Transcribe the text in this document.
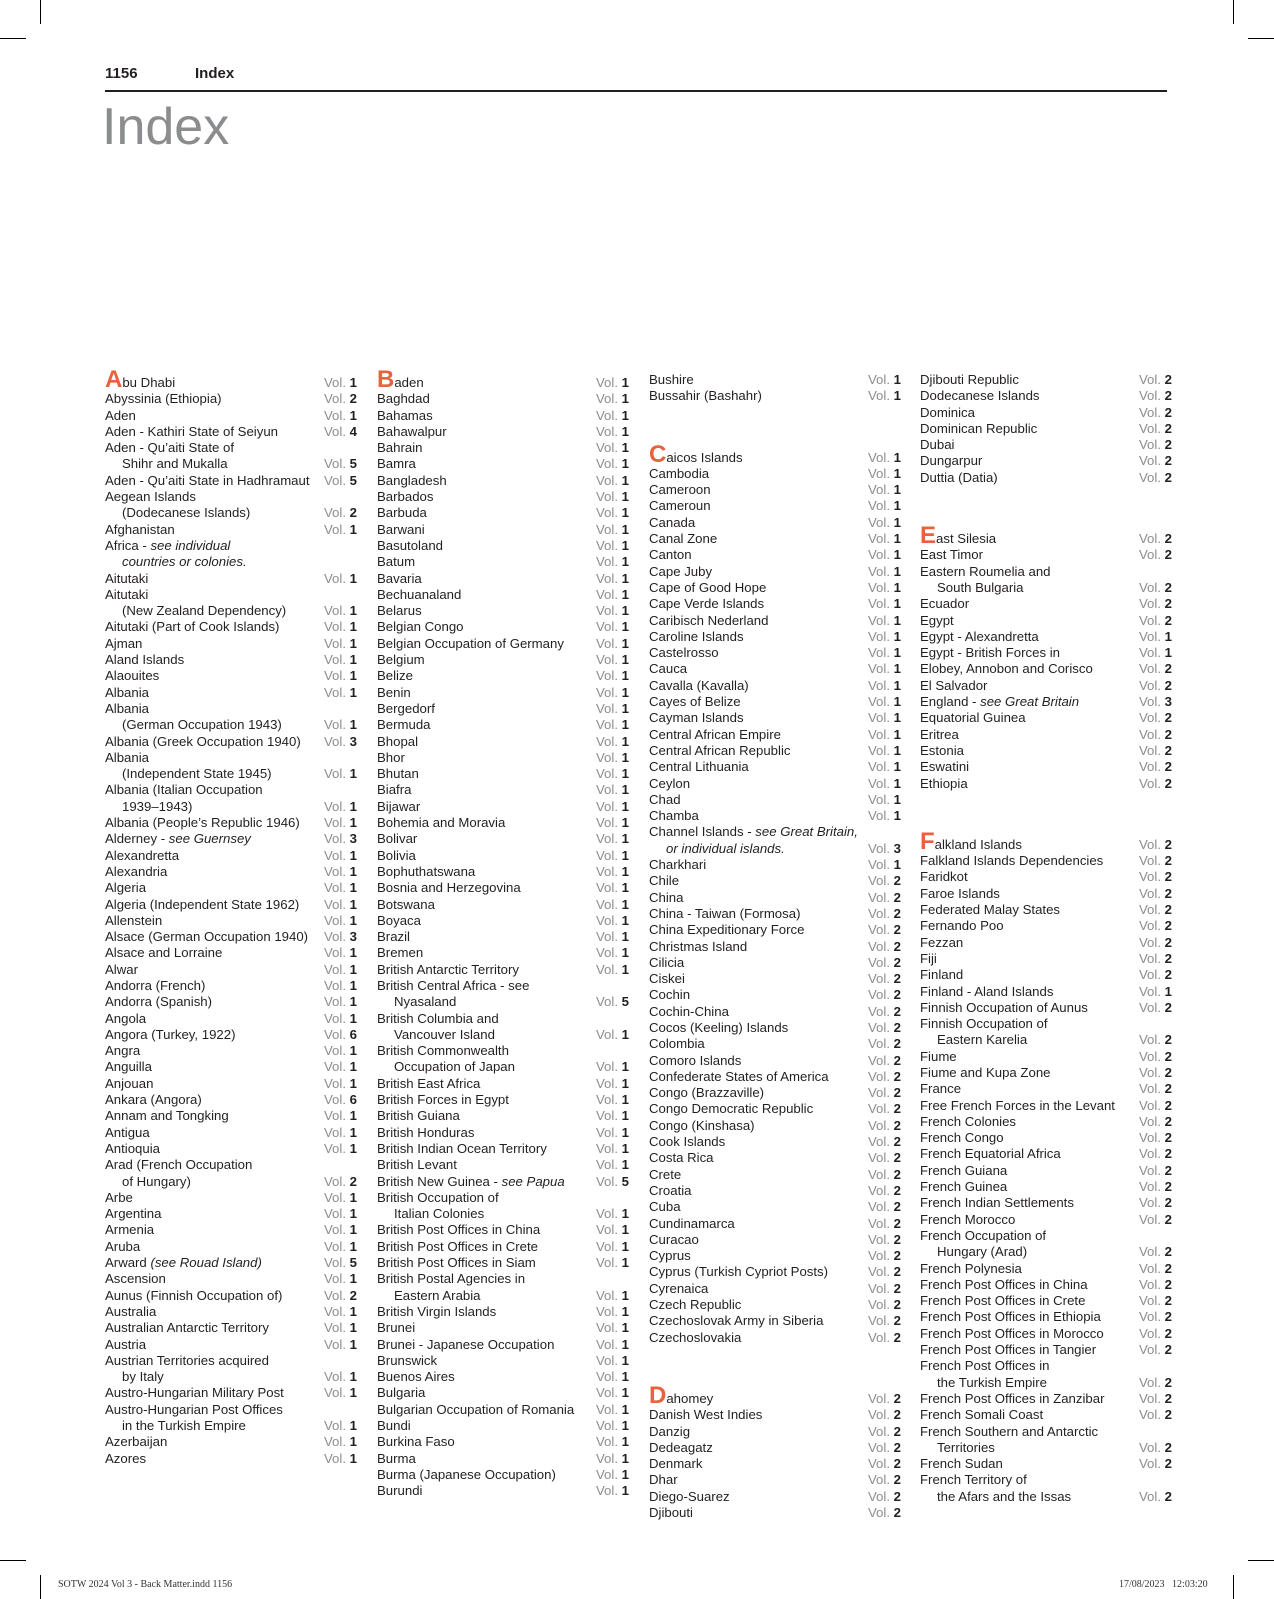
1156	Index
Index
Abu Dhabi	Vol. 1
Abyssinia (Ethiopia)	Vol. 2
Aden	Vol. 1
Aden - Kathiri State of Seiyun	Vol. 4
Aden - Qu’aiti State of
Shihr and Mukalla	Vol. 5
Aden - Qu’aiti State in Hadhramaut Vol. 5
Aegean Islands
(Dodecanese Islands)	Vol. 2
Afghanistan	Vol. 1
Africa - see individual
countries or colonies.
Aitutaki	Vol. 1
Aitutaki
(New Zealand Dependency)	Vol. 1
Aitutaki (Part of Cook Islands)	Vol. 1
Ajman	Vol. 1
Aland Islands	Vol. 1
Alaouites	Vol. 1
Albania	Vol. 1
Albania
(German Occupation 1943)	Vol. 1
Albania (Greek Occupation 1940) Vol. 3
Albania
(Independent State 1945)	Vol. 1
Albania (Italian Occupation
1939–1943)	Vol. 1
Albania (People’s Republic 1946) Vol. 1
Alderney - see Guernsey	Vol. 3
Alexandretta	Vol. 1
Alexandria	Vol. 1
Algeria	Vol. 1
Algeria (Independent State 1962) Vol. 1
Allenstein	Vol. 1
Alsace (German Occupation 1940) Vol. 3
Alsace and Lorraine	Vol. 1
Alwar	Vol. 1
Andorra (French)	Vol. 1
Andorra (Spanish)	Vol. 1
Angola	Vol. 1
Angora (Turkey, 1922)	Vol. 6
Angra	Vol. 1
Anguilla	Vol. 1
Anjouan	Vol. 1
Ankara (Angora)	Vol. 6
Annam and Tongking	Vol. 1
Antigua	Vol. 1
Antioquia	Vol. 1
Arad (French Occupation
of Hungary)	Vol. 2
Arbe	Vol. 1
Argentina	Vol. 1
Armenia	Vol. 1
Aruba	Vol. 1
Arward (see Rouad Island)	Vol. 5
Ascension	Vol. 1
Aunus (Finnish Occupation of)	Vol. 2
Australia	Vol. 1
Australian Antarctic Territory	Vol. 1
Austria	Vol. 1
Austrian Territories acquired
by Italy	Vol. 1
Austro-Hungarian Military Post	Vol. 1
Austro-Hungarian Post Offices
in the Turkish Empire	Vol. 1
Azerbaijan	Vol. 1
Azores	Vol. 1
Baden	Vol. 1
Baghdad	Vol. 1
Bahamas	Vol. 1
Bahawalpur	Vol. 1
Bahrain	Vol. 1
Bamra	Vol. 1
Bangladesh	Vol. 1
Barbados	Vol. 1
Barbuda	Vol. 1
Barwani	Vol. 1
Basutoland	Vol. 1
Batum	Vol. 1
Bavaria	Vol. 1
Bechuanaland	Vol. 1
Belarus	Vol. 1
Belgian Congo	Vol. 1
Belgian Occupation of Germany Vol. 1
Belgium	Vol. 1
Belize	Vol. 1
Benin	Vol. 1
Bergedorf	Vol. 1
Bermuda	Vol. 1
Bhopal	Vol. 1
Bhor	Vol. 1
Bhutan	Vol. 1
Biafra	Vol. 1
Bijawar	Vol. 1
Bohemia and Moravia	Vol. 1
Bolivar	Vol. 1
Bolivia	Vol. 1
Bophuthatswana	Vol. 1
Bosnia and Herzegovina	Vol. 1
Botswana	Vol. 1
Boyaca	Vol. 1
Brazil	Vol. 1
Bremen	Vol. 1
British Antarctic Territory	Vol. 1
British Central Africa - see
Nyasaland	Vol. 5
British Columbia and
Vancouver Island	Vol. 1
British Commonwealth
Occupation of Japan	Vol. 1
British East Africa	Vol. 1
British Forces in Egypt	Vol. 1
British Guiana	Vol. 1
British Honduras	Vol. 1
British Indian Ocean Territory	Vol. 1
British Levant	Vol. 1
British New Guinea - see Papua Vol. 5
British Occupation of
Italian Colonies	Vol. 1
British Post Offices in China	Vol. 1
British Post Offices in Crete	Vol. 1
British Post Offices in Siam	Vol. 1
British Postal Agencies in
Eastern Arabia	Vol. 1
British Virgin Islands	Vol. 1
Brunei	Vol. 1
Brunei - Japanese Occupation	Vol. 1
Brunswick	Vol. 1
Buenos Aires	Vol. 1
Bulgaria	Vol. 1
Bulgarian Occupation of Romania Vol. 1
Bundi	Vol. 1
Burkina Faso	Vol. 1
Burma	Vol. 1
Burma (Japanese Occupation)	Vol. 1
Burundi	Vol. 1
Bushire	Vol. 1
Bussahir (Bashahr)	Vol. 1
Caicos Islands	Vol. 1
Cambodia	Vol. 1
Cameroon	Vol. 1
Cameroun	Vol. 1
Canada	Vol. 1
Canal Zone	Vol. 1
Canton	Vol. 1
Cape Juby	Vol. 1
Cape of Good Hope	Vol. 1
Cape Verde Islands	Vol. 1
Caribisch Nederland	Vol. 1
Caroline Islands	Vol. 1
Castelrosso	Vol. 1
Cauca	Vol. 1
Cavalla (Kavalla)	Vol. 1
Cayes of Belize	Vol. 1
Cayman Islands	Vol. 1
Central African Empire	Vol. 1
Central African Republic	Vol. 1
Central Lithuania	Vol. 1
Ceylon	Vol. 1
Chad	Vol. 1
Chamba	Vol. 1
Channel Islands - see Great Britain,
or individual islands.	Vol. 3
Charkhari	Vol. 1
Chile	Vol. 2
China	Vol. 2
China - Taiwan (Formosa)	Vol. 2
China Expeditionary Force	Vol. 2
Christmas Island	Vol. 2
Cilicia	Vol. 2
Ciskei	Vol. 2
Cochin	Vol. 2
Cochin-China	Vol. 2
Cocos (Keeling) Islands	Vol. 2
Colombia	Vol. 2
Comoro Islands	Vol. 2
Confederate States of America	Vol. 2
Congo (Brazzaville)	Vol. 2
Congo Democratic Republic	Vol. 2
Congo (Kinshasa)	Vol. 2
Cook Islands	Vol. 2
Costa Rica	Vol. 2
Crete	Vol. 2
Croatia	Vol. 2
Cuba	Vol. 2
Cundinamarca	Vol. 2
Curacao	Vol. 2
Cyprus	Vol. 2
Cyprus (Turkish Cypriot Posts)	Vol. 2
Cyrenaica	Vol. 2
Czech Republic	Vol. 2
Czechoslovak Army in Siberia	Vol. 2
Czechoslovakia	Vol. 2
Dahomey	Vol. 2
Danish West Indies	Vol. 2
Danzig	Vol. 2
Dedeagatz	Vol. 2
Denmark	Vol. 2
Dhar	Vol. 2
Diego-Suarez	Vol. 2
Djibouti	Vol. 2
Djibouti Republic	Vol. 2
Dodecanese Islands	Vol. 2
Dominica	Vol. 2
Dominican Republic	Vol. 2
Dubai	Vol. 2
Dungarpur	Vol. 2
Duttia (Datia)	Vol. 2
East Silesia	Vol. 2
East Timor	Vol. 2
Eastern Roumelia and
South Bulgaria	Vol. 2
Ecuador	Vol. 2
Egypt	Vol. 2
Egypt - Alexandretta	Vol. 1
Egypt - British Forces in	Vol. 1
Elobey, Annobon and Corisco	Vol. 2
El Salvador	Vol. 2
England - see Great Britain	Vol. 3
Equatorial Guinea	Vol. 2
Eritrea	Vol. 2
Estonia	Vol. 2
Eswatini	Vol. 2
Ethiopia	Vol. 2
Falkland Islands	Vol. 2
Falkland Islands Dependencies	Vol. 2
Faridkot	Vol. 2
Faroe Islands	Vol. 2
Federated Malay States	Vol. 2
Fernando Poo	Vol. 2
Fezzan	Vol. 2
Fiji	Vol. 2
Finland	Vol. 2
Finland - Aland Islands	Vol. 1
Finnish Occupation of Aunus	Vol. 2
Finnish Occupation of
Eastern Karelia	Vol. 2
Fiume	Vol. 2
Fiume and Kupa Zone	Vol. 2
France	Vol. 2
Free French Forces in the Levant Vol. 2
French Colonies	Vol. 2
French Congo	Vol. 2
French Equatorial Africa	Vol. 2
French Guiana	Vol. 2
French Guinea	Vol. 2
French Indian Settlements	Vol. 2
French Morocco	Vol. 2
French Occupation of
Hungary (Arad)	Vol. 2
French Polynesia	Vol. 2
French Post Offices in China	Vol. 2
French Post Offices in Crete	Vol. 2
French Post Offices in Ethiopia	Vol. 2
French Post Offices in Morocco	Vol. 2
French Post Offices in Tangier	Vol. 2
French Post Offices in
the Turkish Empire	Vol. 2
French Post Offices in Zanzibar	Vol. 2
French Somali Coast	Vol. 2
French Southern and Antarctic
Territories	Vol. 2
French Sudan	Vol. 2
French Territory of
the Afars and the Issas	Vol. 2
SOTW 2024 Vol 3 - Back Matter.indd 1156	17/08/2023   12:03:20
